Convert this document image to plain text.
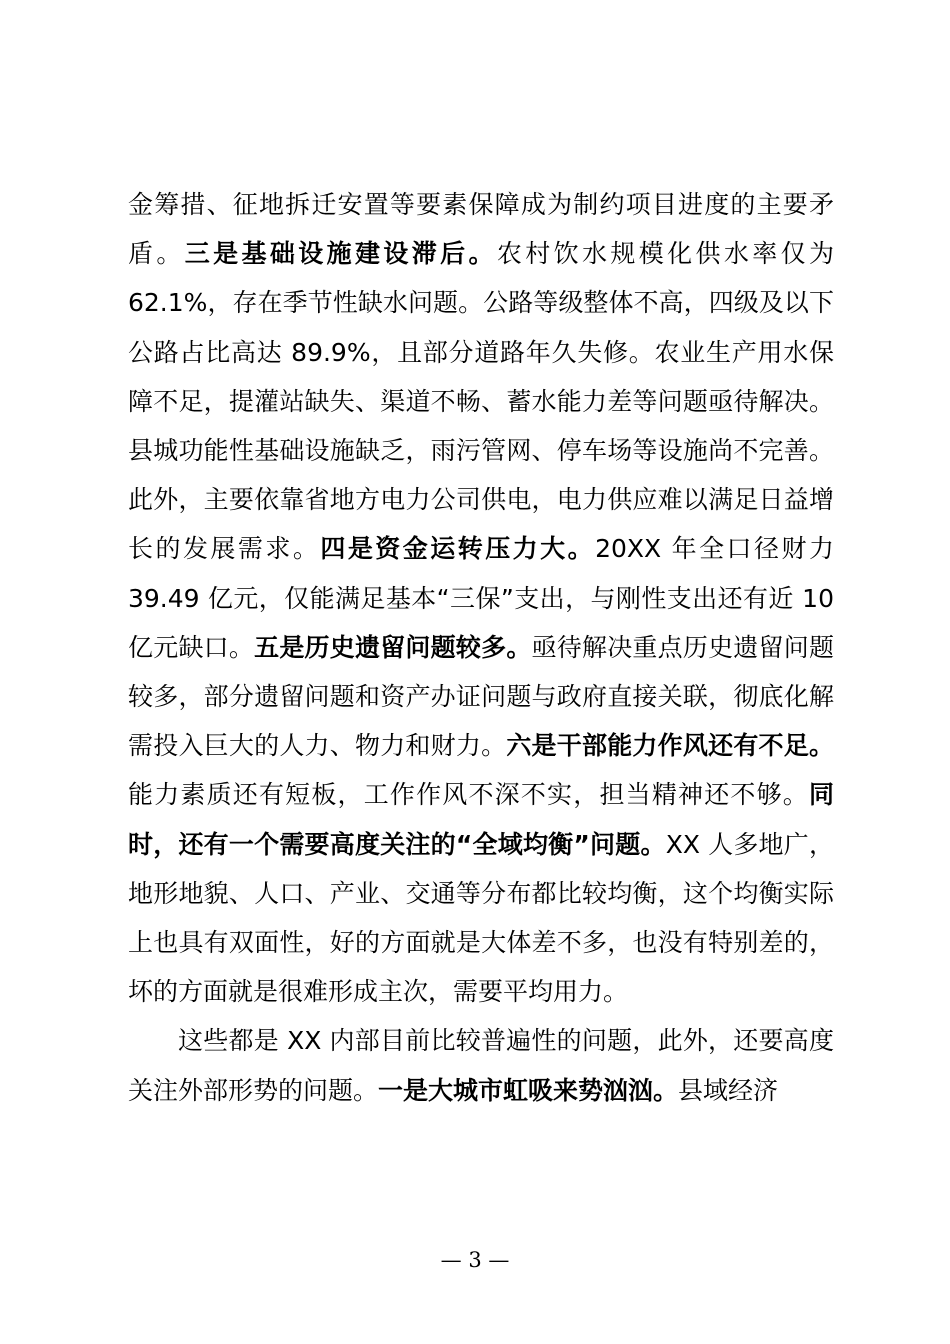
金筹措、征地拆迁安置等要素保障成为制约项目进度的主要矛盾。三是基础设施建设滞后。农村饮水规模化供水率仅为62.1%，存在季节性缺水问题。公路等级整体不高，四级及以下公路占比高达 89.9%，且部分道路年久失修。农业生产用水保障不足，提灌站缺失、渠道不畅、蓄水能力差等问题亟待解决。县城功能性基础设施缺乏，雨污管网、停车场等设施尚不完善。此外，主要依靠省地方电力公司供电，电力供应难以满足日益增长的发展需求。四是资金运转压力大。20XX 年全口径财力 39.49 亿元，仅能满足基本“三保”支出，与刚性支出还有近 10 亿元缺口。五是历史遗留问题较多。亟待解决重点历史遗留问题较多，部分遗留问题和资产办证问题与政府直接关联，彻底化解需投入巨大的人力、物力和财力。六是干部能力作风还有不足。能力素质还有短板，工作作风不深不实，担当精神还不够。同时，还有一个需要高度关注的“全域均衡”问题。XX 人多地广，地形地貌、人口、产业、交通等分布都比较均衡，这个均衡实际上也具有双面性，好的方面就是大体差不多，也没有特别差的，坏的方面就是很难形成主次，需要平均用力。

这些都是 XX 内部目前比较普遍性的问题，此外，还要高度关注外部形势的问题。一是大城市虹吸来势汹汹。县域经济

— 3 —
